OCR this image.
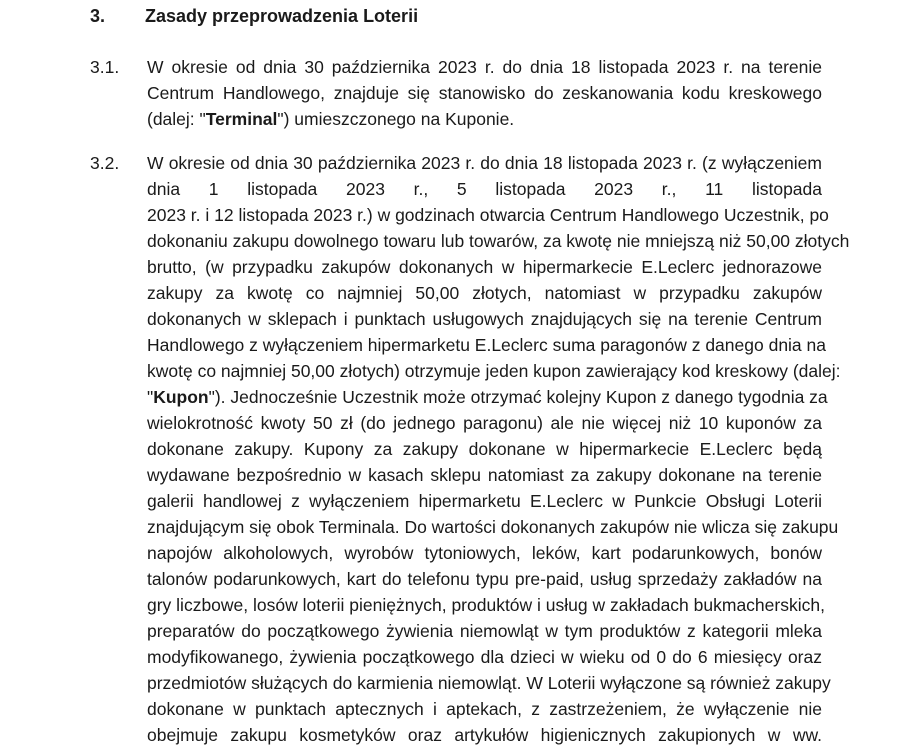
3.	Zasady przeprowadzenia Loterii
3.1. W okresie od dnia 30 października 2023 r. do dnia 18 listopada 2023 r. na terenie
Centrum Handlowego, znajduje się stanowisko do zeskanowania kodu kreskowego
(dalej: "Terminal") umieszczonego na Kuponie.
3.2. W okresie od dnia 30 października 2023 r. do dnia 18 listopada 2023 r. (z wyłączeniem
dnia 1 listopada 2023 r., 5 listopada 2023 r., 11 listopada
2023 r. i 12 listopada 2023 r.) w godzinach otwarcia Centrum Handlowego Uczestnik, po
dokonaniu zakupu dowolnego towaru lub towarów, za kwotę nie mniejszą niż 50,00 złotych
brutto, (w przypadku zakupów dokonanych w hipermarkecie E.Leclerc jednorazowe
zakupy za kwotę co najmniej 50,00 złotych, natomiast w przypadku zakupów
dokonanych w sklepach i punktach usługowych znajdujących się na terenie Centrum
Handlowego z wyłączeniem hipermarketu E.Leclerc suma paragonów z danego dnia na
kwotę co najmniej 50,00 złotych) otrzymuje jeden kupon zawierający kod kreskowy (dalej:
"Kupon"). Jednocześnie Uczestnik może otrzymać kolejny Kupon z danego tygodnia za
wielokrotność kwoty 50 zł (do jednego paragonu) ale nie więcej niż 10 kuponów za
dokonane zakupy. Kupony za zakupy dokonane w hipermarkecie E.Leclerc będą
wydawane bezpośrednio w kasach sklepu natomiast za zakupy dokonane na terenie
galerii handlowej z wyłączeniem hipermarketu E.Leclerc w Punkcie Obsługi Loterii
znajdującym się obok Terminala. Do wartości dokonanych zakupów nie wlicza się zakupu
napojów alkoholowych, wyrobów tytoniowych, leków, kart podarunkowych, bonów
talonów podarunkowych, kart do telefonu typu pre-paid, usług sprzedaży zakładów na
gry liczbowe, losów loterii pieniężnych, produktów i usług w zakładach bukmacherskich,
preparatów do początkowego żywienia niemowląt w tym produktów z kategorii mleka
modyfikowanego, żywienia początkowego dla dzieci w wieku od 0 do 6 miesięcy oraz
przedmiotów służących do karmienia niemowląt. W Loterii wyłączone są również zakupy
dokonane w punktach aptecznych i aptekach, z zastrzeżeniem, że wyłączenie nie
obejmuje zakupu kosmetyków oraz artykułów higienicznych zakupionych w ww.
